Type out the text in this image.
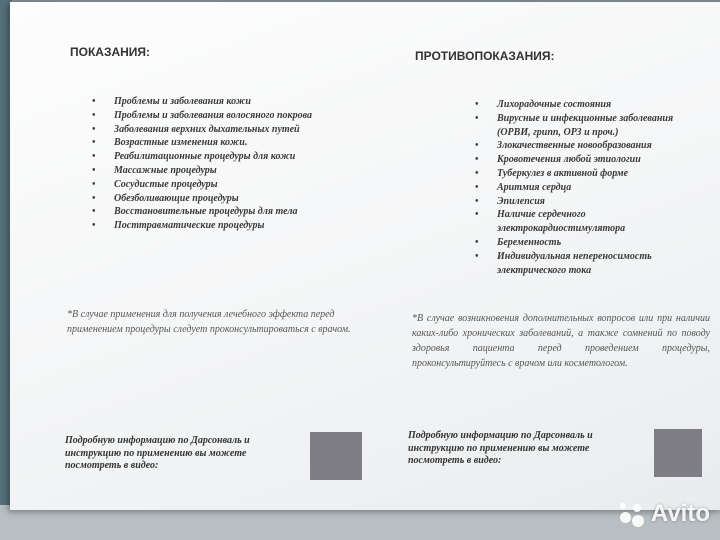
ПОКАЗАНИЯ:
• Проблемы и заболевания кожи
• Проблемы и заболевания волосяного покрова
• Заболевания верхних дыхательных путей
• Возрастные изменения кожи.
• Реабилитационные процедуры для кожи
• Массажные процедуры
• Сосудистые процедуры
• Обезболивающие процедуры
• Восстановительные процедуры для тела
• Посттравматические процедуры
*В случае применения для получения лечебного эффекта перед применением процедуры следует проконсультироваться с врачом.
Подробную информацию по Дарсонваль и инструкцию по применению вы можете посмотреть в видео:
ПРОТИВОПОКАЗАНИЯ:
• Лихорадочные состояния
• Вирусные и инфекционные заболевания (ОРВИ, грипп, ОРЗ и проч.)
• Злокачественные новообразования
• Кровотечения любой этиологии
• Туберкулез в активной форме
• Аритмия сердца
• Эпилепсия
• Наличие сердечного электрокардиостимулятора
• Беременность
• Индивидуальная непереносимость электрического тока
*В случае возникновения дополнительных вопросов или при наличии каких-либо хронических заболеваний, а также сомнений по поводу здоровья пациента перед проведением процедуры, проконсультируйтесь с врачом или косметологом.
Подробную информацию по Дарсонваль и инструкцию по применению вы можете посмотреть в видео:
Avito
